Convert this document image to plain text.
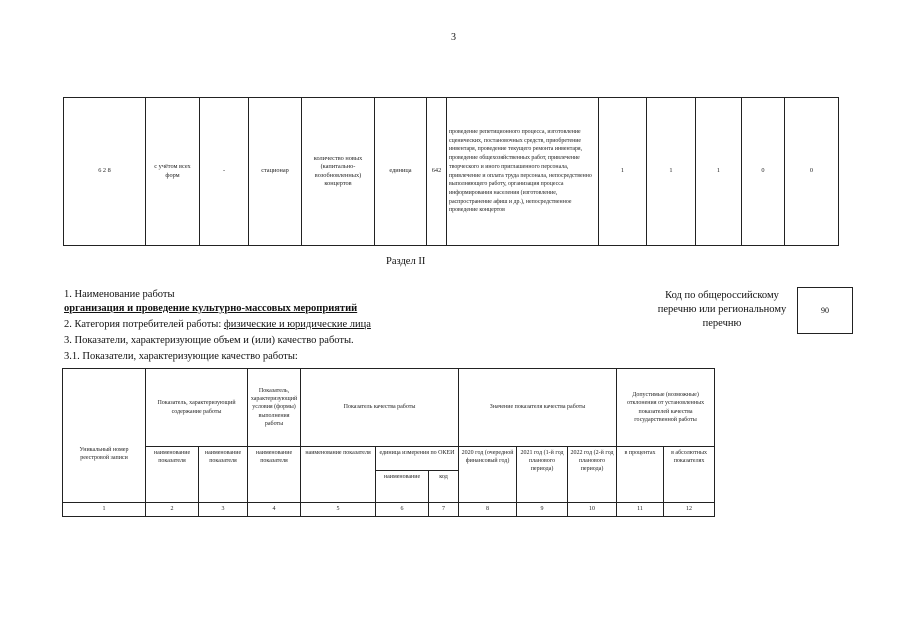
3
6 2 8	с учётом всех форм	-	стационар	количество новых (капитально-возобновленных) концертов	единица	642	проведение репетиционного процесса, изготовление сценических, постановочных средств, приобретение инвентаря, проведение текущего ремонта инвентаря, проведение общехозяйственных работ, привлечение творческого и иного приглашенного персонала, привлечение и оплата труда персонала, непосредственно выполняющего работу, организация процесса информирования населения (изготовление, распространение афиш и др.), непосредственное проведение концертов	1	1	1	0	0
Раздел II
1. Наименование работы
организация и проведение культурно-массовых мероприятий
2. Категория потребителей работы: физические и юридические лица
3. Показатели, характеризующие объем и (или) качество работы.
3.1. Показатели, характеризующие качество работы:
Код по общероссийскому
перечню или региональному
перечню
90
Уникальный номер реестровой записи	Показатель, характеризующий содержание работы		Показатель, характеризующий условия (формы) выполнения работы	Показатель качества работы			Значение показателя качества работы			Допустимые (возможные) отклонения от установленных показателей качества государственной работы	
	наименование показателя	наименование показателя	наименование показателя	наименование показателя	единица измерения по ОКЕИ		2020 год (очередной финансовый год)	2021 год (1-й год планового периода)	2022 год (2-й год планового периода)	в процентах	в абсолютных показателях
					наименование	код					
1	2	3	4	5	6	7	8	9	10	11	12
